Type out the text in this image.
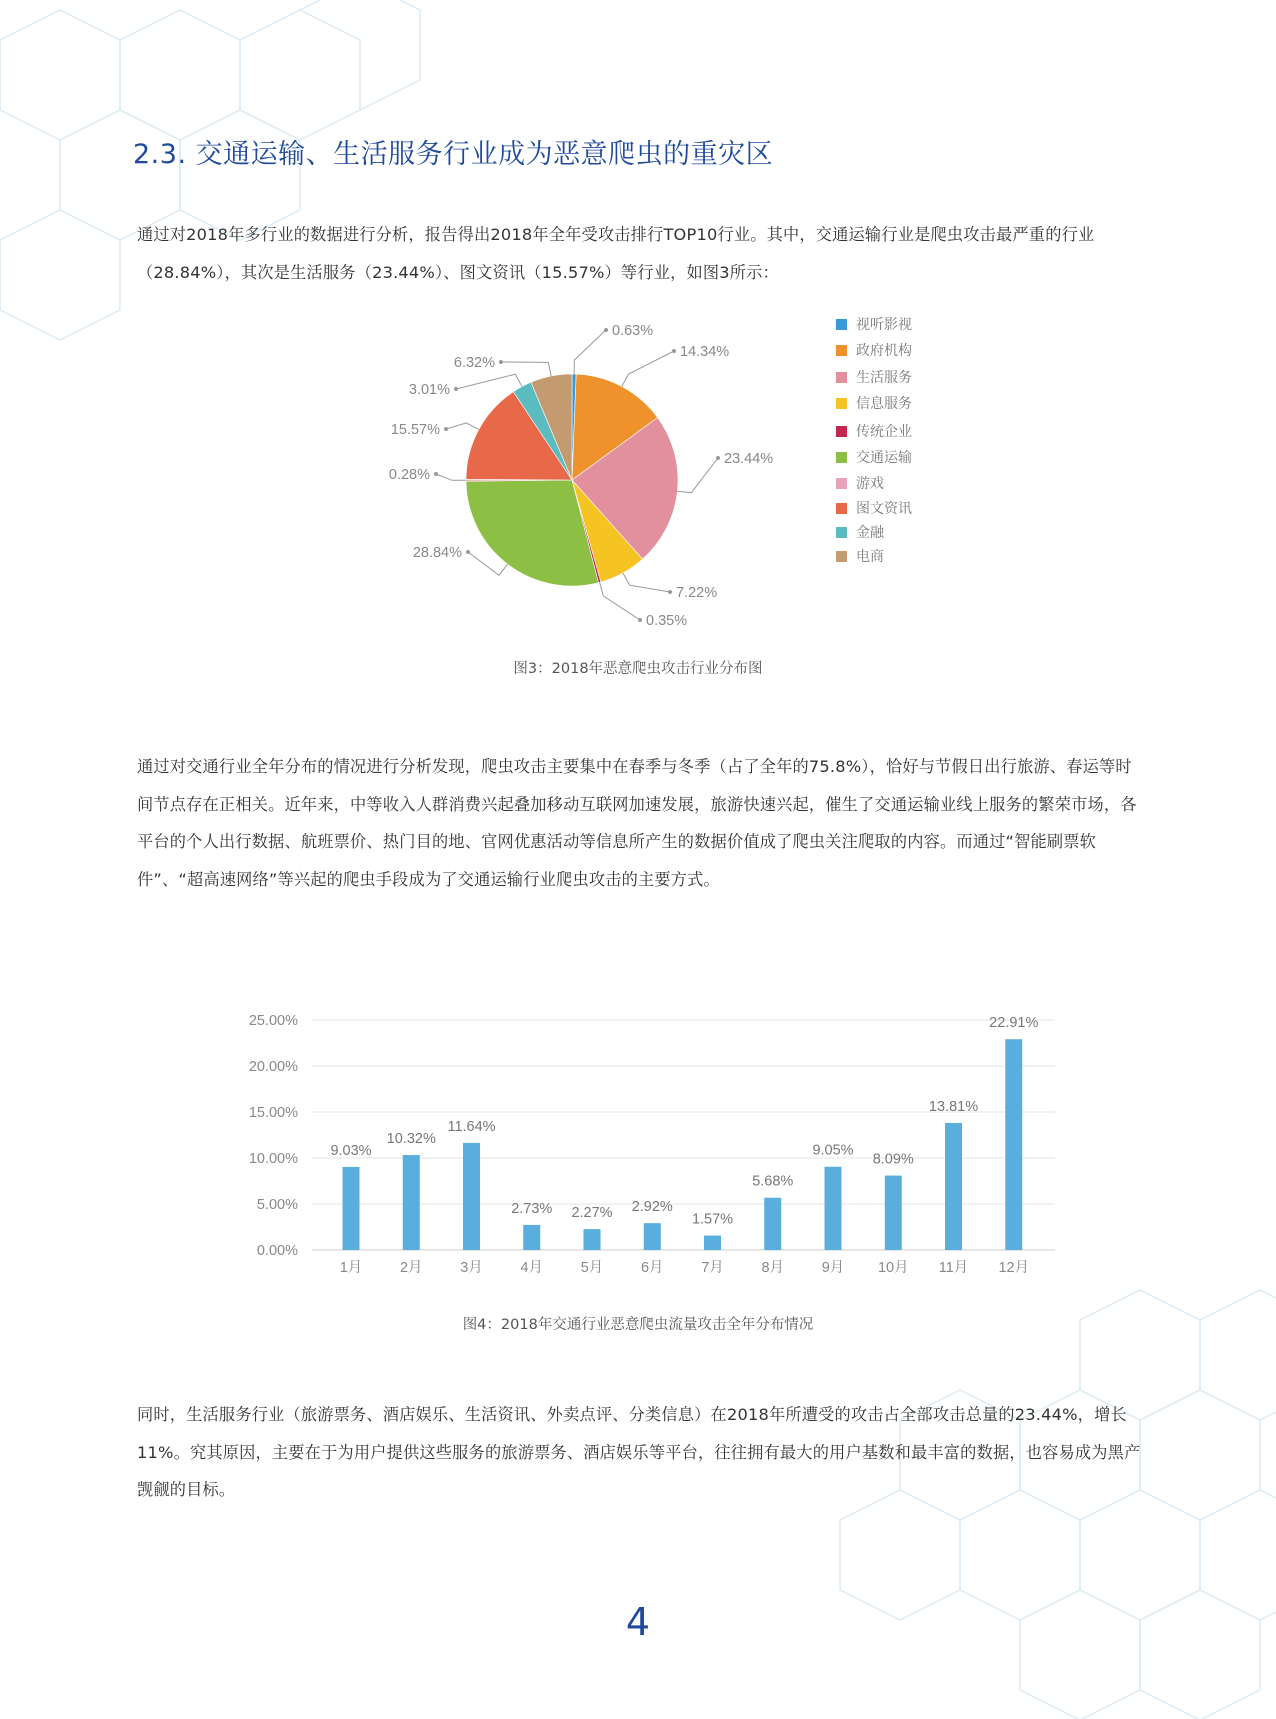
2.3. 交通运输、生活服务行业成为恶意爬虫的重灾区

通过对2018年多行业的数据进行分析，报告得出2018年全年受攻击排行TOP10行业。其中，交通运输行业是爬虫攻击最严重的行业（28.84%），其次是生活服务（23.44%）、图文资讯（15.57%）等行业，如图3所示：

0.63%
14.34%
23.44%
7.22%
0.35%
28.84%
0.28%
15.57%
3.01%
6.32%
视听影视
政府机构
生活服务
信息服务
传统企业
交通运输
游戏
图文资讯
金融
电商

图3：2018年恶意爬虫攻击行业分布图

通过对交通行业全年分布的情况进行分析发现，爬虫攻击主要集中在春季与冬季（占了全年的75.8%），恰好与节假日出行旅游、春运等时间节点存在正相关。近年来，中等收入人群消费兴起叠加移动互联网加速发展，旅游快速兴起，催生了交通运输业线上服务的繁荣市场，各平台的个人出行数据、航班票价、热门目的地、官网优惠活动等信息所产生的数据价值成了爬虫关注爬取的内容。而通过“智能刷票软件”、“超高速网络”等兴起的爬虫手段成为了交通运输行业爬虫攻击的主要方式。

0.00%
5.00%
10.00%
15.00%
20.00%
25.00%
9.03%
1月
10.32%
2月
11.64%
3月
2.73%
4月
2.27%
5月
2.92%
6月
1.57%
7月
5.68%
8月
9.05%
9月
8.09%
10月
13.81%
11月
22.91%
12月

图4：2018年交通行业恶意爬虫流量攻击全年分布情况

同时，生活服务行业（旅游票务、酒店娱乐、生活资讯、外卖点评、分类信息）在2018年所遭受的攻击占全部攻击总量的23.44%，增长11%。究其原因，主要在于为用户提供这些服务的旅游票务、酒店娱乐等平台，往往拥有最大的用户基数和最丰富的数据，也容易成为黑产觊觎的目标。

4
